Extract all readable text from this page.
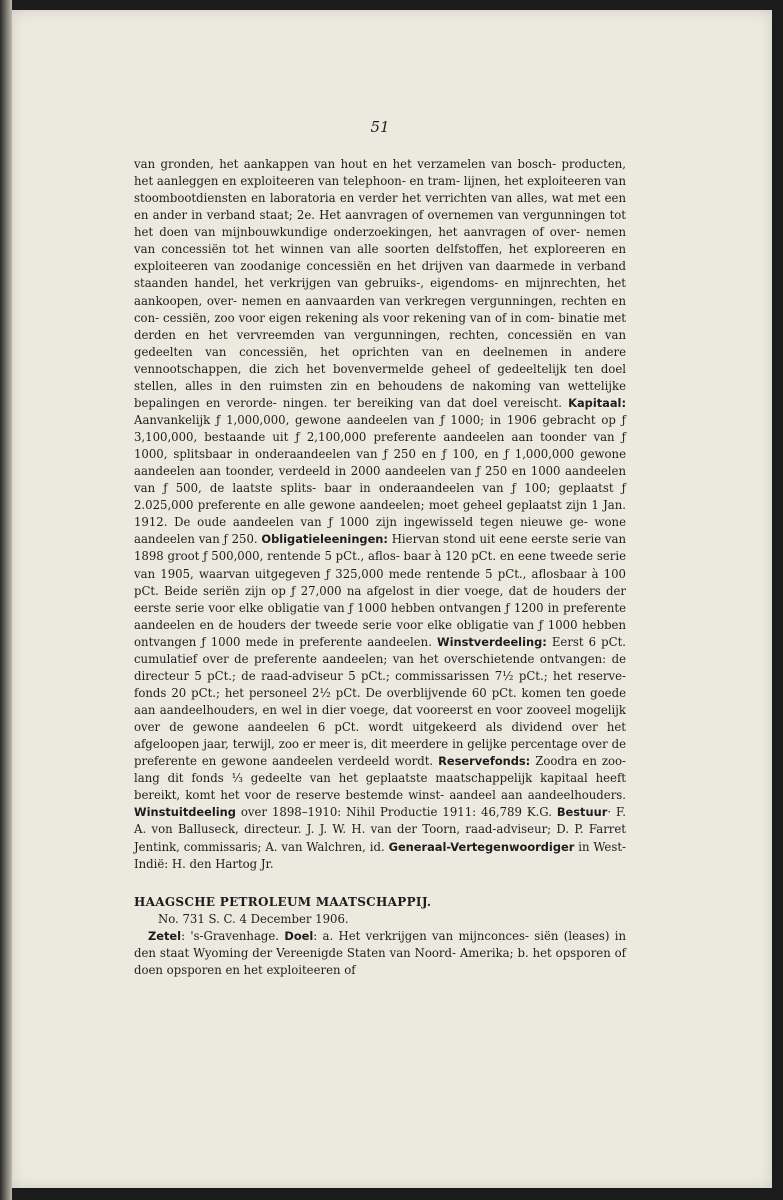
51

van gronden, het aankappen van hout en het verzamelen van bosch- producten, het aanleggen en exploiteeren van telephoon- en tram- lijnen, het exploiteeren van stoombootdiensten en laboratoria en verder het verrichten van alles, wat met een en ander in verband staat; 2e. Het aanvragen of overnemen van vergunningen tot het doen van mijnbouwkundige onderzoekingen, het aanvragen of over- nemen van concessiën tot het winnen van alle soorten delfstoffen, het exploreeren en exploiteeren van zoodanige concessiën en het drijven van daarmede in verband staanden handel, het verkrijgen van gebruiks-, eigendoms- en mijnrechten, het aankoopen, over- nemen en aanvaarden van verkregen vergunningen, rechten en con- cessiën, zoo voor eigen rekening als voor rekening van of in com- binatie met derden en het vervreemden van vergunningen, rechten, concessiën en van gedeelten van concessiën, het oprichten van en deelnemen in andere vennootschappen, die zich het bovenvermelde geheel of gedeeltelijk ten doel stellen, alles in den ruimsten zin en behoudens de nakoming van wettelijke bepalingen en verorde- ningen. ter bereiking van dat doel vereischt. Kapitaal: Aanvankelijk ƒ 1,000,000, gewone aandeelen van ƒ 1000; in 1906 gebracht op ƒ 3,100,000, bestaande uit ƒ 2,100,000 preferente aandeelen aan toonder van ƒ 1000, splitsbaar in onderaandeelen van ƒ 250 en ƒ 100, en ƒ 1,000,000 gewone aandeelen aan toonder, verdeeld in 2000 aandeelen van ƒ 250 en 1000 aandeelen van ƒ 500, de laatste splits- baar in onderaandeelen van ƒ 100; geplaatst ƒ 2.025,000 preferente en alle gewone aandeelen; moet geheel geplaatst zijn 1 Jan. 1912. De oude aandeelen van ƒ 1000 zijn ingewisseld tegen nieuwe ge- wone aandeelen van ƒ 250. Obligatieleeningen: Hiervan stond uit eene eerste serie van 1898 groot ƒ 500,000, rentende 5 pCt., aflos- baar à 120 pCt. en eene tweede serie van 1905, waarvan uitgegeven ƒ 325,000 mede rentende 5 pCt., aflosbaar à 100 pCt. Beide seriën zijn op ƒ 27,000 na afgelost in dier voege, dat de houders der eerste serie voor elke obligatie van ƒ 1000 hebben ontvangen ƒ 1200 in preferente aandeelen en de houders der tweede serie voor elke obligatie van ƒ 1000 hebben ontvangen ƒ 1000 mede in preferente aandeelen. Winstverdeeling: Eerst 6 pCt. cumulatief over de preferente aandeelen; van het overschietende ontvangen: de directeur 5 pCt.; de raad-adviseur 5 pCt.; commissarissen 7½ pCt.; het reserve- fonds 20 pCt.; het personeel 2½ pCt. De overblijvende 60 pCt. komen ten goede aan aandeelhouders, en wel in dier voege, dat vooreerst en voor zooveel mogelijk over de gewone aandeelen 6 pCt. wordt uitgekeerd als dividend over het afgeloopen jaar, terwijl, zoo er meer is, dit meerdere in gelijke percentage over de preferente en gewone aandeelen verdeeld wordt. Reservefonds: Zoodra en zoo- lang dit fonds ⅓ gedeelte van het geplaatste maatschappelijk kapitaal heeft bereikt, komt het voor de reserve bestemde winst- aandeel aan aandeelhouders. Winstuitdeeling over 1898–1910: Nihil Productie 1911: 46,789 K.G. Bestuur· F. A. von Balluseck, directeur. J. J. W. H. van der Toorn, raad-adviseur; D. P. Farret Jentink, commissaris; A. van Walchren, id. Generaal-Vertegenwoordiger in West-Indië: H. den Hartog Jr.

HAAGSCHE PETROLEUM MAATSCHAPPIJ.

No. 731 S. C. 4 December 1906.

Zetel: 's-Gravenhage. Doel: a. Het verkrijgen van mijnconces- siën (leases) in den staat Wyoming der Vereenigde Staten van Noord- Amerika; b. het opsporen of doen opsporen en het exploiteeren of
